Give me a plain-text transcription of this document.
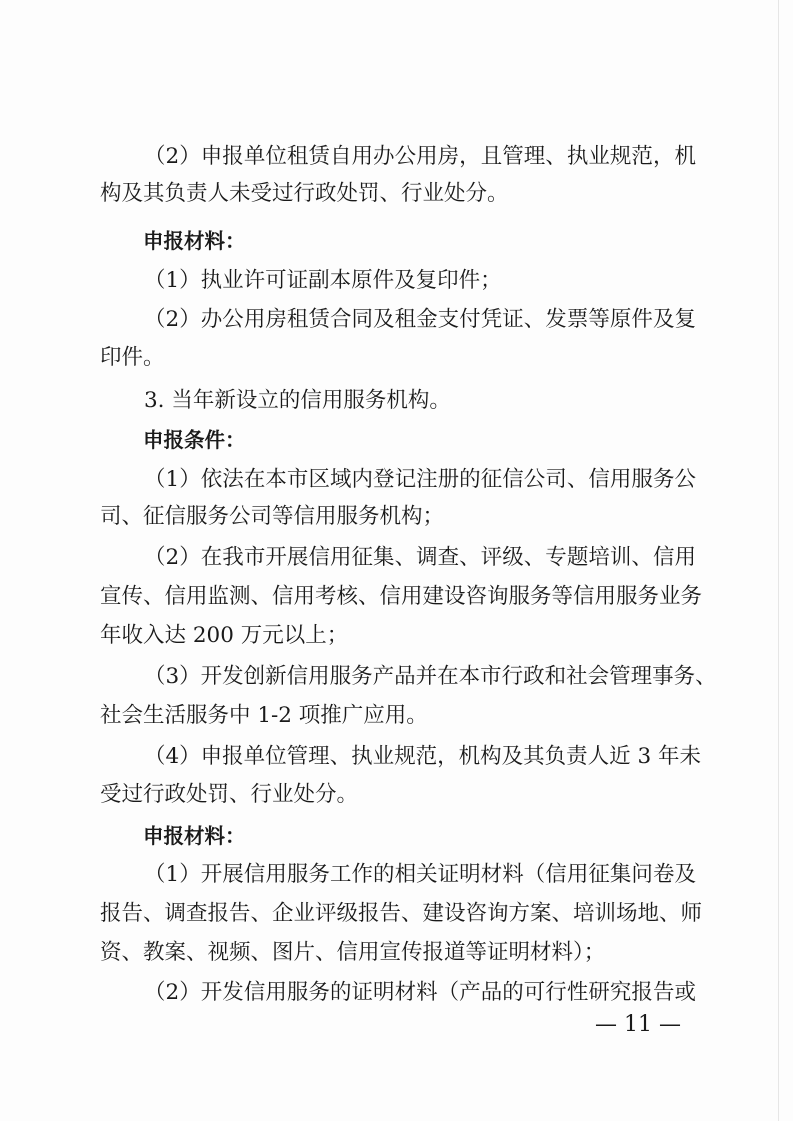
（2）申报单位租赁自用办公用房，且管理、执业规范，机
构及其负责人未受过行政处罚、行业处分。
申报材料：
（1）执业许可证副本原件及复印件；
（2）办公用房租赁合同及租金支付凭证、发票等原件及复
印件。
3. 当年新设立的信用服务机构。
申报条件：
（1）依法在本市区域内登记注册的征信公司、信用服务公
司、征信服务公司等信用服务机构；
（2）在我市开展信用征集、调查、评级、专题培训、信用
宣传、信用监测、信用考核、信用建设咨询服务等信用服务业务
年收入达 200 万元以上；
（3）开发创新信用服务产品并在本市行政和社会管理事务、
社会生活服务中 1-2 项推广应用。
（4）申报单位管理、执业规范，机构及其负责人近 3 年未
受过行政处罚、行业处分。
申报材料：
（1）开展信用服务工作的相关证明材料（信用征集问卷及
报告、调查报告、企业评级报告、建设咨询方案、培训场地、师
资、教案、视频、图片、信用宣传报道等证明材料）；
（2）开发信用服务的证明材料（产品的可行性研究报告或
— 11 —
